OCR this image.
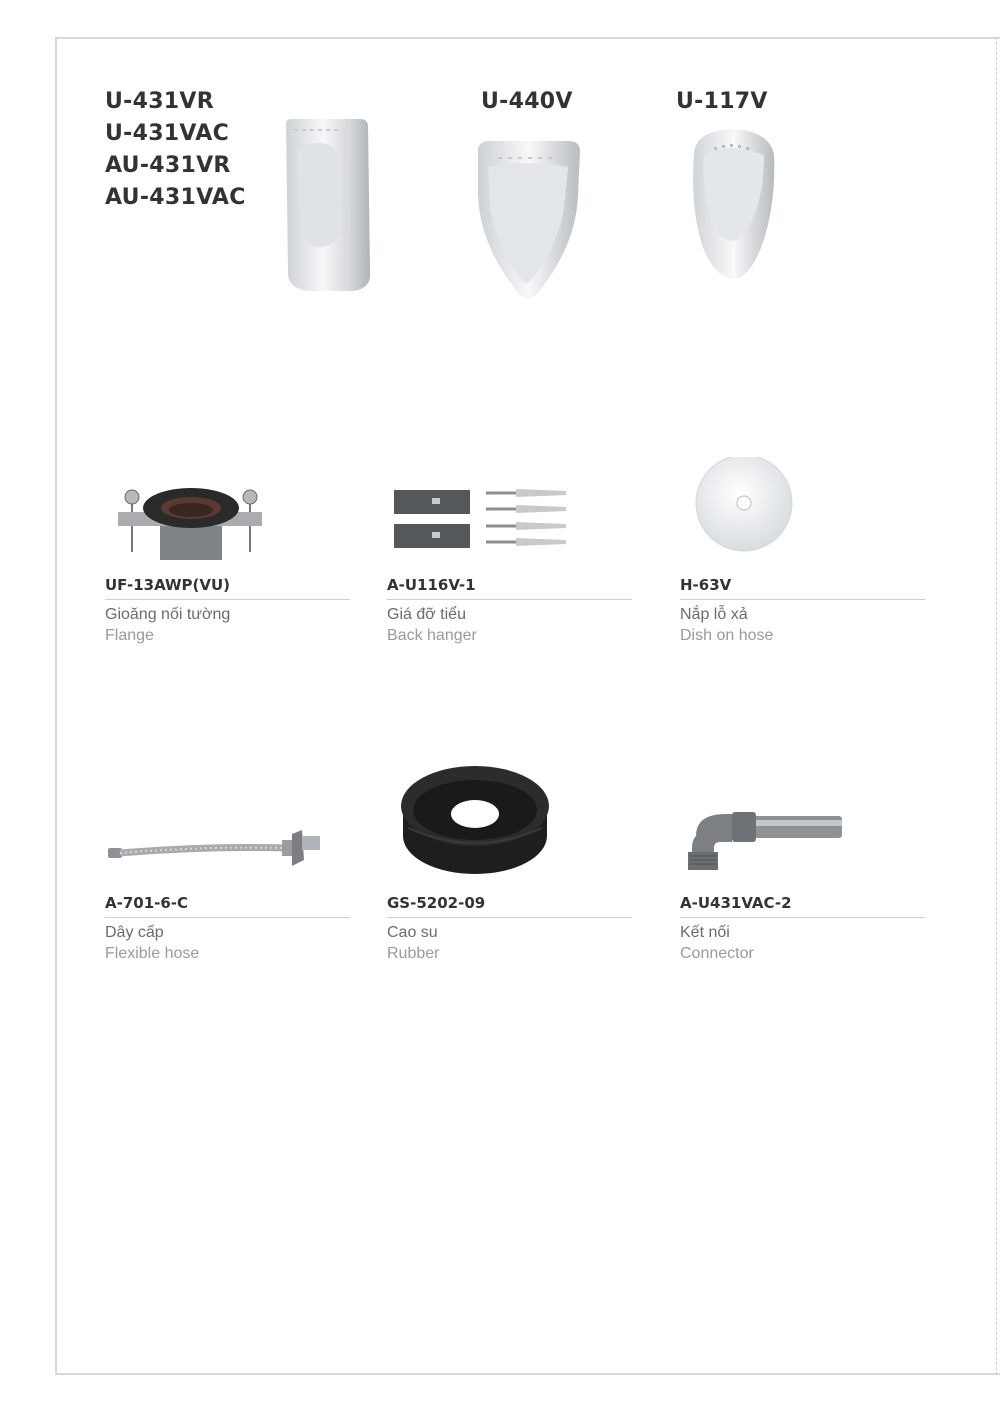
U-431VR
U-431VAC
AU-431VR
AU-431VAC
U-440V	U-117V
UF-13AWP(VU)
Gioăng nối tường
Flange
A-U116V-1
Giá đỡ tiểu
Back hanger
H-63V
Nắp lỗ xả
Dish on hose
A-701-6-C
Dây cấp
Flexible hose
GS-5202-09
Cao su
Rubber
A-U431VAC-2
Kết nối
Connector
